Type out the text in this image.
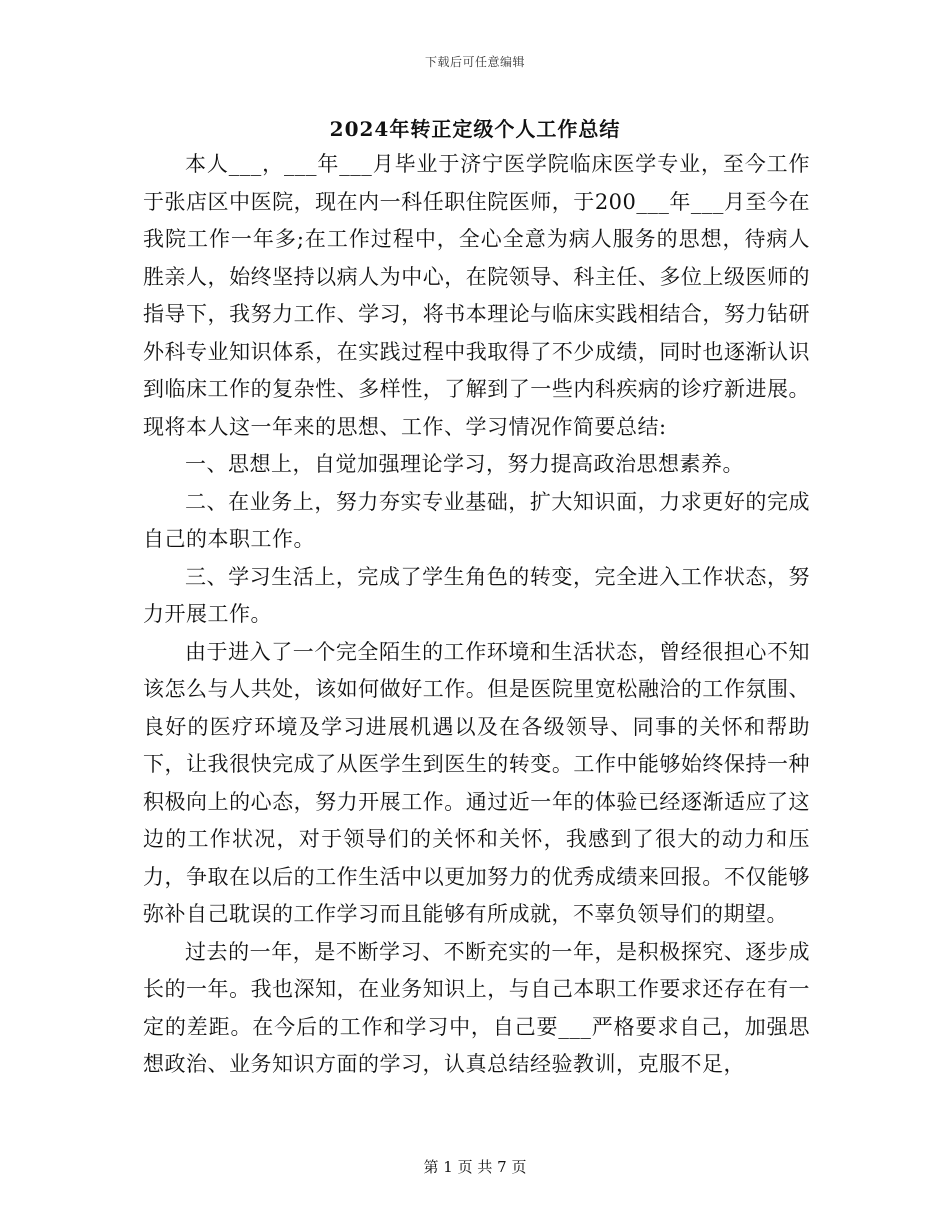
下载后可任意编辑
2024年转正定级个人工作总结

本人___，___年___月毕业于济宁医学院临床医学专业，至今工作于张店区中医院，现在内一科任职住院医师，于200___年___月至今在我院工作一年多;在工作过程中，全心全意为病人服务的思想，待病人胜亲人，始终坚持以病人为中心，在院领导、科主任、多位上级医师的指导下，我努力工作、学习，将书本理论与临床实践相结合，努力钻研外科专业知识体系，在实践过程中我取得了不少成绩，同时也逐渐认识到临床工作的复杂性、多样性，了解到了一些内科疾病的诊疗新进展。现将本人这一年来的思想、工作、学习情况作简要总结:

一、思想上，自觉加强理论学习，努力提高政治思想素养。

二、在业务上，努力夯实专业基础，扩大知识面，力求更好的完成自己的本职工作。

三、学习生活上，完成了学生角色的转变，完全进入工作状态，努力开展工作。

由于进入了一个完全陌生的工作环境和生活状态，曾经很担心不知该怎么与人共处，该如何做好工作。但是医院里宽松融洽的工作氛围、良好的医疗环境及学习进展机遇以及在各级领导、同事的关怀和帮助下，让我很快完成了从医学生到医生的转变。工作中能够始终保持一种积极向上的心态，努力开展工作。通过近一年的体验已经逐渐适应了这边的工作状况，对于领导们的关怀和关怀，我感到了很大的动力和压力，争取在以后的工作生活中以更加努力的优秀成绩来回报。不仅能够弥补自己耽误的工作学习而且能够有所成就，不辜负领导们的期望。

过去的一年，是不断学习、不断充实的一年，是积极探究、逐步成长的一年。我也深知，在业务知识上，与自己本职工作要求还存在有一定的差距。在今后的工作和学习中，自己要___严格要求自己，加强思想政治、业务知识方面的学习，认真总结经验教训，克服不足，

第 1 页 共 7 页
